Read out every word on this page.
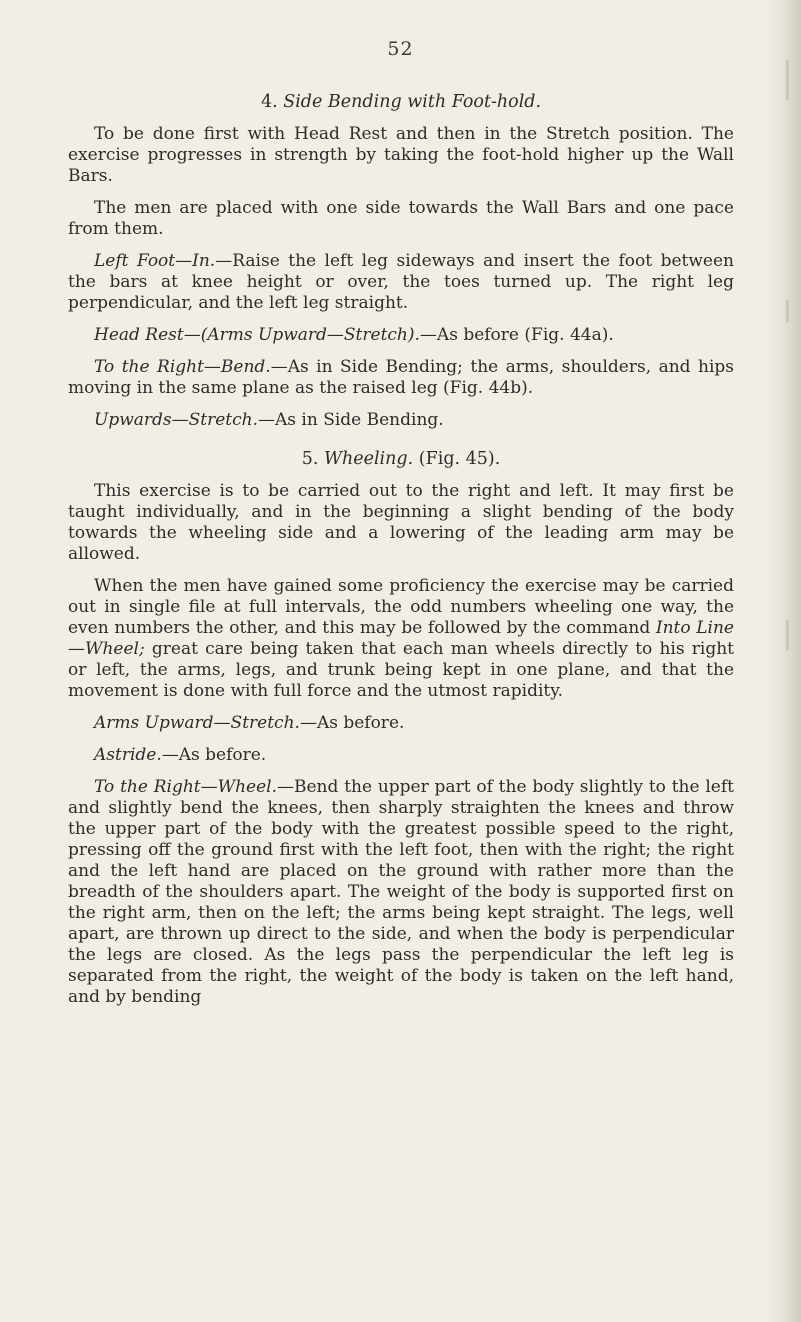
52
4. Side Bending with Foot-hold.

To be done first with Head Rest and then in the Stretch position. The exercise progresses in strength by taking the foot-hold higher up the Wall Bars.

The men are placed with one side towards the Wall Bars and one pace from them.

Left Foot—In.—Raise the left leg sideways and insert the foot between the bars at knee height or over, the toes turned up. The right leg perpendicular, and the left leg straight.

Head Rest—(Arms Upward—Stretch).—As before (Fig. 44a).

To the Right—Bend.—As in Side Bending; the arms, shoulders, and hips moving in the same plane as the raised leg (Fig. 44b).

Upwards—Stretch.—As in Side Bending.

5. Wheeling. (Fig. 45).

This exercise is to be carried out to the right and left. It may first be taught individually, and in the beginning a slight bending of the body towards the wheeling side and a lowering of the leading arm may be allowed.

When the men have gained some proficiency the exercise may be carried out in single file at full intervals, the odd numbers wheeling one way, the even numbers the other, and this may be followed by the command Into Line—Wheel; great care being taken that each man wheels directly to his right or left, the arms, legs, and trunk being kept in one plane, and that the movement is done with full force and the utmost rapidity.

Arms Upward—Stretch.—As before.

Astride.—As before.

To the Right—Wheel.—Bend the upper part of the body slightly to the left and slightly bend the knees, then sharply straighten the knees and throw the upper part of the body with the greatest possible speed to the right, pressing off the ground first with the left foot, then with the right; the right and the left hand are placed on the ground with rather more than the breadth of the shoulders apart. The weight of the body is supported first on the right arm, then on the left; the arms being kept straight. The legs, well apart, are thrown up direct to the side, and when the body is perpendicular the legs are closed. As the legs pass the perpendicular the left leg is separated from the right, the weight of the body is taken on the left hand, and by bending
